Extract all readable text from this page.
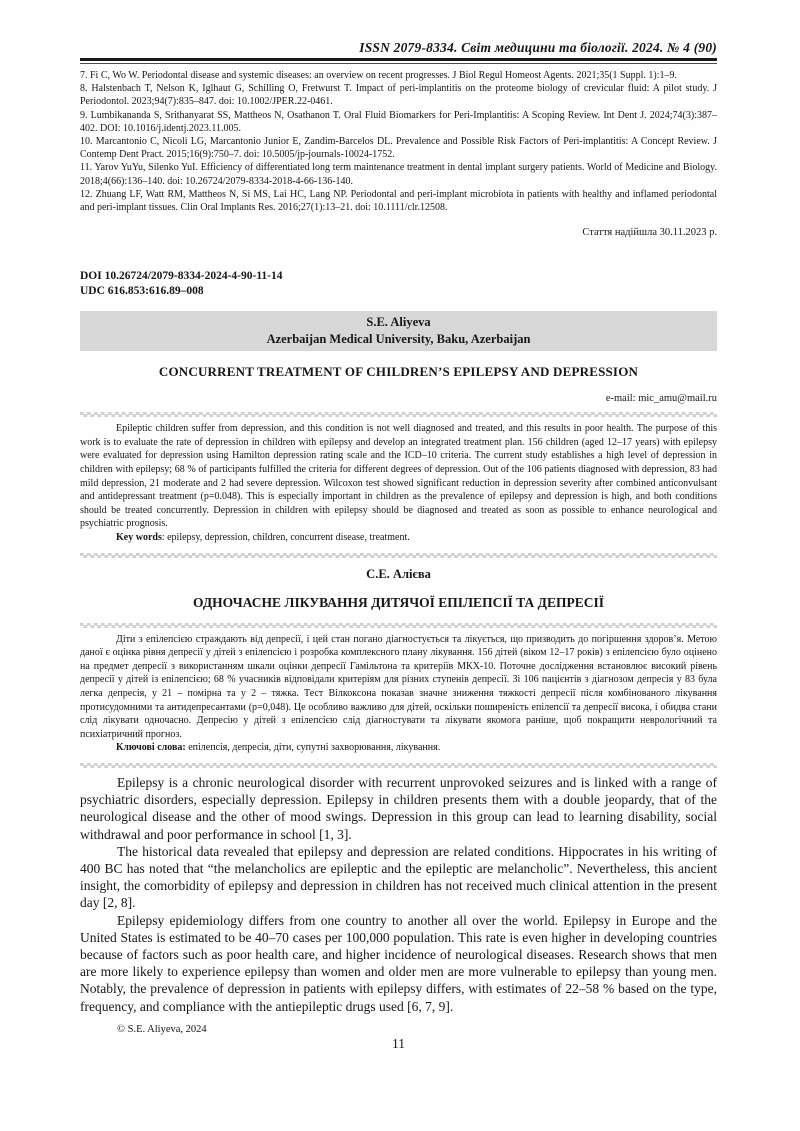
ISSN 2079-8334. Світ медицини та біології. 2024. № 4 (90)

7. Fi C, Wo W. Periodontal disease and systemic diseases: an overview on recent progresses. J Biol Regul Homeost Agents. 2021;35(1 Suppl. 1):1–9.

8. Halstenbach T, Nelson K, Iglhaut G, Schilling O, Fretwurst T. Impact of peri-implantitis on the proteome biology of crevicular fluid: A pilot study. J Periodontol. 2023;94(7):835–847. doi: 10.1002/JPER.22-0461.

9. Lumbikananda S, Srithanyarat SS, Mattheos N, Osathanon T. Oral Fluid Biomarkers for Peri-Implantitis: A Scoping Review. Int Dent J. 2024;74(3):387–402. DOI: 10.1016/j.identj.2023.11.005.

10. Marcantonio C, Nicoli LG, Marcantonio Junior E, Zandim-Barcelos DL. Prevalence and Possible Risk Factors of Peri-implantitis: A Concept Review. J Contemp Dent Pract. 2015;16(9):750–7. doi: 10.5005/jp-journals-10024-1752.

11. Yarov YuYu, Silenko YuI. Efficiency of differentiated long term maintenance treatment in dental implant surgery patients. World of Medicine and Biology. 2018;4(66):136–140. doi: 10.26724/2079-8334-2018-4-66-136-140.

12. Zhuang LF, Watt RM, Mattheos N, Si MS, Lai HC, Lang NP. Periodontal and peri-implant microbiota in patients with healthy and inflamed periodontal and peri-implant tissues. Clin Oral Implants Res. 2016;27(1):13–21. doi: 10.1111/clr.12508.

Стаття надійшла 30.11.2023 р.
DOI 10.26724/2079-8334-2024-4-90-11-14
UDC 616.853:616.89–008
S.E. Aliyeva
Azerbaijan Medical University, Baku, Azerbaijan
CONCURRENT TREATMENT OF CHILDREN’S EPILEPSY AND DEPRESSION
e-mail: mic_amu@mail.ru

Epileptic children suffer from depression, and this condition is not well diagnosed and treated, and this results in poor health. The purpose of this work is to evaluate the rate of depression in children with epilepsy and develop an integrated treatment plan. 156 children (aged 12–17 years) with epilepsy were evaluated for depression using Hamilton depression rating scale and the ICD–10 criteria. The current study establishes a high level of depression in children with epilepsy; 68 % of participants fulfilled the criteria for different degrees of depression. Out of the 106 patients diagnosed with depression, 83 had mild depression, 21 moderate and 2 had severe depression. Wilcoxon test showed significant reduction in depression severity after combined anticonvulsant and antidepressant treatment (p=0.048). This is especially important in children as the prevalence of epilepsy and depression is high, and both conditions should be treated concurrently. Depression in children with epilepsy should be diagnosed and treated as soon as possible to enhance neurological and psychiatric prognosis.

Key words: epilepsy, depression, children, concurrent disease, treatment.

С.Е. Алієва
ОДНОЧАСНЕ ЛІКУВАННЯ ДИТЯЧОЇ ЕПІЛЕПСІЇ ТА ДЕПРЕСІЇ

Діти з епілепсією страждають від депресії, і цей стан погано діагностується та лікується, що призводить до погіршення здоров’я. Метою даної є оцінка рівня депресії у дітей з епілепсією і розробка комплексного плану лікування. 156 дітей (віком 12–17 років) з епілепсією було оцінено на предмет депресії з використанням шкали оцінки депресії Гамільтона та критеріїв МКХ-10. Поточне дослідження встановлює високий рівень депресії у дітей із епілепсією; 68 % учасників відповідали критеріям для різних ступенів депресії. Зі 106 пацієнтів з діагнозом депресія у 83 була легка депресія, у 21 – помірна та у 2 – тяжка. Тест Вілкоксона показав значне зниження тяжкості депресії після комбінованого лікування протисудомними та антидепресантами (p=0,048). Це особливо важливо для дітей, оскільки поширеність епілепсії та депресії висока, і обидва стани слід лікувати одночасно. Депресію у дітей з епілепсією слід діагностувати та лікувати якомога раніше, щоб покращити неврологічний та психіатричний прогноз.

Ключові слова: епілепсія, депресія, діти, супутні захворювання, лікування.

Epilepsy is a chronic neurological disorder with recurrent unprovoked seizures and is linked with a range of psychiatric disorders, especially depression. Epilepsy in children presents them with a double jeopardy, that of the neurological disease and the other of mood swings. Depression in this group can lead to learning disability, social withdrawal and poor performance in school [1, 3].

The historical data revealed that epilepsy and depression are related conditions. Hippocrates in his writing of 400 BC has noted that “the melancholics are epileptic and the epileptic are melancholic”. Nevertheless, this ancient insight, the comorbidity of epilepsy and depression in children has not received much clinical attention in the present day [2, 8].

Epilepsy epidemiology differs from one country to another all over the world. Epilepsy in Europe and the United States is estimated to be 40–70 cases per 100,000 population. This rate is even higher in developing countries because of factors such as poor health care, and higher incidence of neurological diseases. Research shows that men are more likely to experience epilepsy than women and older men are more vulnerable to epilepsy than young men. Notably, the prevalence of depression in patients with epilepsy differs, with estimates of 22–58 % based on the type, frequency, and compliance with the antiepileptic drugs used [6, 7, 9].

© S.E. Aliyeva, 2024
11
